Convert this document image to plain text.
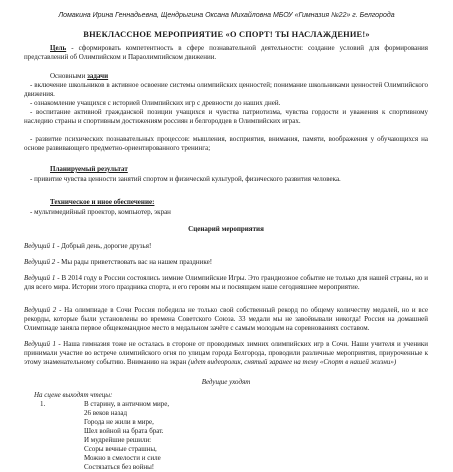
Ломакина Ирина Геннадьевна, Щендрыгина Оксана Михайловна МБОУ «Гимназия №22» г. Белгорода
ВНЕКЛАССНОЕ МЕРОПРИЯТИЕ «О СПОРТ! ТЫ НАСЛАЖДЕНИЕ!»
Цель - сформировать компетентность в сфере познавательной деятельности: создание условий для формирования представлений об Олимпийском и Параолимпийском движении.
Основными задачи
- включение школьников в активное освоение системы олимпийских ценностей; понимание школьниками ценностей Олимпийского движения.
- ознакомление учащихся с историей Олимпийских игр с древности до наших дней.
- воспитание активной гражданской позиции учащихся и чувства патриотизма, чувства гордости и уважения к спортивному наследию страны и спортивным достижениям россиян и белгородцев в Олимпийских играх.
- развитие психических познавательных процессов: мышления, восприятия, внимания, памяти, воображения у обучающихся на основе развивающего предметно-ориентированного тренинга;
Планируемый результат
- привитие чувства ценности занятий спортом и физической культурой, физического развития человека.
Техническое и иное обеспечение:
- мультимедийный проектор, компьютер, экран
Сценарий мероприятия
Ведущий 1 - Добрый день, дорогие друзья!
Ведущий 2 - Мы рады приветствовать вас на нашем празднике!
Ведущий 1 - В 2014 году в России состоялись зимние Олимпийские Игры. Это грандиозное событие не только для нашей страны, но и для всего мира. Истории этого праздника спорта, и его героям мы и посвящаем наше сегодняшнее мероприятие.
Ведущий 2 - На олимпиаде в Сочи Россия победила не только свой собственный рекорд по общему количеству медалей, но и все рекорды, которые были установлены во времена Советского Союза. 33 медали мы не завоёвывали никогда! Россия на домашней Олимпиаде заняла первое общекомандное место в медальном зачёте с самым молодым на соревнованиях составом.
Ведущий 1 - Наша гимназия тоже не осталась в стороне от проводимых зимних олимпийских игр в Сочи. Наши учителя и ученики принимали участие во встрече олимпийского огня по улицам города Белгорода, проводили различные мероприятия, приуроченные к этому знаменательному событию. Вниманию на экран (идет видеоролик, снятый заранее на тему «Спорт в нашей жизни»)
Ведущие уходят
На сцене выходят чтецы:
1.	В старину, в античном мире,
26 веков назад
Города не жили в мире,
Шел войной на брата брат.
И мудрейшие решили:
Ссоры вечные страшны,
Можно в смелости и силе
Состязаться без войны!
